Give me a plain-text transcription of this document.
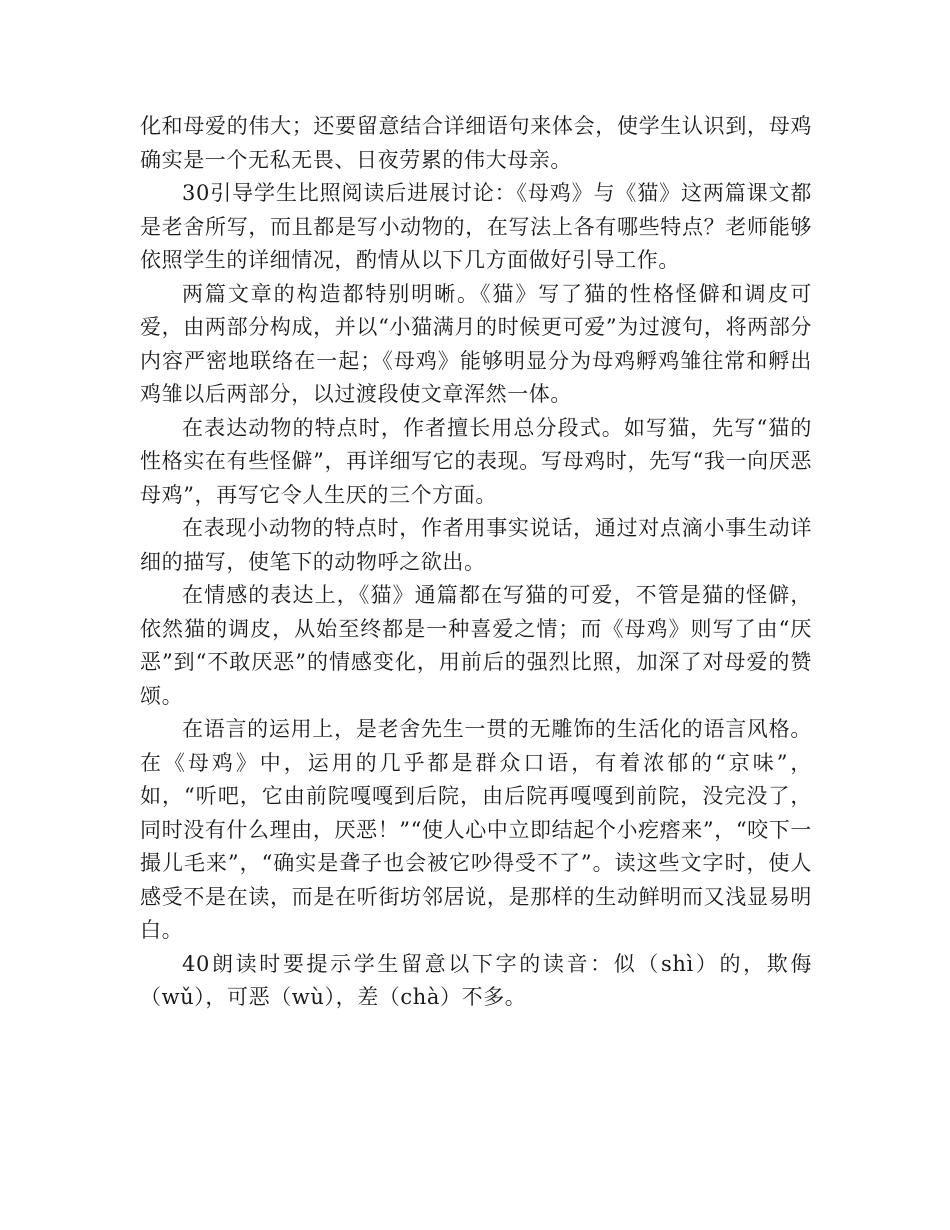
化和母爱的伟大；还要留意结合详细语句来体会，使学生认识到，母鸡确实是一个无私无畏、日夜劳累的伟大母亲。

30引导学生比照阅读后进展讨论：《母鸡》与《猫》这两篇课文都是老舍所写，而且都是写小动物的，在写法上各有哪些特点？老师能够依照学生的详细情况，酌情从以下几方面做好引导工作。

两篇文章的构造都特别明晰。《猫》写了猫的性格怪僻和调皮可爱，由两部分构成，并以“小猫满月的时候更可爱”为过渡句，将两部分内容严密地联络在一起；《母鸡》能够明显分为母鸡孵鸡雏往常和孵出鸡雏以后两部分，以过渡段使文章浑然一体。

在表达动物的特点时，作者擅长用总分段式。如写猫，先写“猫的性格实在有些怪僻”，再详细写它的表现。写母鸡时，先写“我一向厌恶母鸡”，再写它令人生厌的三个方面。

在表现小动物的特点时，作者用事实说话，通过对点滴小事生动详细的描写，使笔下的动物呼之欲出。

在情感的表达上，《猫》通篇都在写猫的可爱，不管是猫的怪僻，依然猫的调皮，从始至终都是一种喜爱之情；而《母鸡》则写了由“厌恶”到“不敢厌恶”的情感变化，用前后的强烈比照，加深了对母爱的赞颂。

在语言的运用上，是老舍先生一贯的无雕饰的生活化的语言风格。在《母鸡》中，运用的几乎都是群众口语，有着浓郁的“京味”，如，“听吧，它由前院嘎嘎到后院，由后院再嘎嘎到前院，没完没了，同时没有什么理由，厌恶！”“使人心中立即结起个小疙瘩来”，“咬下一撮儿毛来”，“确实是聋子也会被它吵得受不了”。读这些文字时，使人感受不是在读，而是在听街坊邻居说，是那样的生动鲜明而又浅显易明白。

40朗读时要提示学生留意以下字的读音：似（shì）的，欺侮（wǔ），可恶（wù），差（chà）不多。
